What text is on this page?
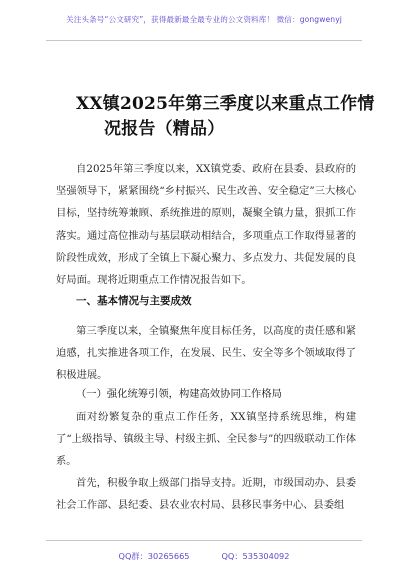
关注头条号“公文研究”，获得最新最全最专业的公文资料库！ 微信：gongwenyj
XX镇2025年第三季度以来重点工作情
况报告（精品）
自2025年第三季度以来，XX镇党委、政府在县委、县政府的坚强领导下，紧紧围绕“乡村振兴、民生改善、安全稳定”三大核心目标，坚持统筹兼顾、系统推进的原则，凝聚全镇力量，狠抓工作落实。通过高位推动与基层联动相结合，多项重点工作取得显著的阶段性成效，形成了全镇上下凝心聚力、多点发力、共促发展的良好局面。现将近期重点工作情况报告如下。
一、基本情况与主要成效
第三季度以来，全镇聚焦年度目标任务，以高度的责任感和紧迫感，扎实推进各项工作，在发展、民生、安全等多个领域取得了积极进展。
（一）强化统筹引领，构建高效协同工作格局
面对纷繁复杂的重点工作任务，XX镇坚持系统思维，构建了“上级指导、镇级主导、村级主抓、全民参与”的四级联动工作体系。
首先，积极争取上级部门指导支持。近期，市级国动办、县委社会工作部、县纪委、县农业农村局、县移民事务中心、县委组
QQ群：30265665	QQ：535304092
